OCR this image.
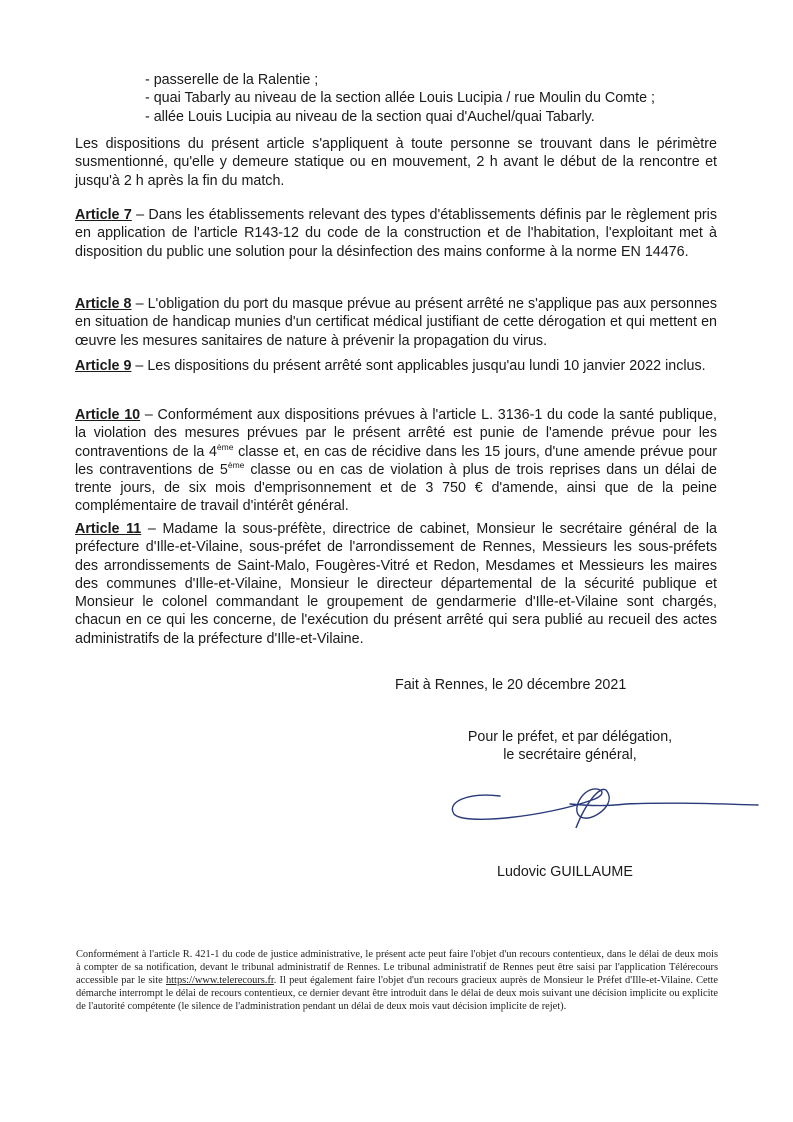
- passerelle de la Ralentie ;
- quai Tabarly au niveau de la section allée Louis Lucipia / rue Moulin du Comte ;
- allée Louis Lucipia au niveau de la section quai d'Auchel/quai Tabarly.

Les dispositions du présent article s'appliquent à toute personne se trouvant dans le périmètre susmentionné, qu'elle y demeure statique ou en mouvement, 2 h avant le début de la rencontre et jusqu'à 2 h après la fin du match.

Article 7 – Dans les établissements relevant des types d'établissements définis par le règlement pris en application de l'article R143-12 du code de la construction et de l'habitation, l'exploitant met à disposition du public une solution pour la désinfection des mains conforme à la norme EN 14476.

Article 8 – L'obligation du port du masque prévue au présent arrêté ne s'applique pas aux personnes en situation de handicap munies d'un certificat médical justifiant de cette dérogation et qui mettent en œuvre les mesures sanitaires de nature à prévenir la propagation du virus.

Article 9 – Les dispositions du présent arrêté sont applicables jusqu'au lundi 10 janvier 2022 inclus.

Article 10 – Conformément aux dispositions prévues à l'article L. 3136-1 du code la santé publique, la violation des mesures prévues par le présent arrêté est punie de l'amende prévue pour les contraventions de la 4ème classe et, en cas de récidive dans les 15 jours, d'une amende prévue pour les contraventions de 5ème classe ou en cas de violation à plus de trois reprises dans un délai de trente jours, de six mois d'emprisonnement et de 3 750 € d'amende, ainsi que de la peine complémentaire de travail d'intérêt général.

Article 11 – Madame la sous-préfète, directrice de cabinet, Monsieur le secrétaire général de la préfecture d'Ille-et-Vilaine, sous-préfet de l'arrondissement de Rennes, Messieurs les sous-préfets des arrondissements de Saint-Malo, Fougères-Vitré et Redon, Mesdames et Messieurs les maires des communes d'Ille-et-Vilaine, Monsieur le directeur départemental de la sécurité publique et Monsieur le colonel commandant le groupement de gendarmerie d'Ille-et-Vilaine sont chargés, chacun en ce qui les concerne, de l'exécution du présent arrêté qui sera publié au recueil des actes administratifs de la préfecture d'Ille-et-Vilaine.

Fait à Rennes, le 20 décembre 2021
Pour le préfet, et par délégation,
le secrétaire général,
Ludovic GUILLAUME

Conformément à l'article R. 421-1 du code de justice administrative, le présent acte peut faire l'objet d'un recours contentieux, dans le délai de deux mois à compter de sa notification, devant le tribunal administratif de Rennes. Le tribunal administratif de Rennes peut être saisi par l'application Télérecours accessible par le site https://www.telerecours.fr. Il peut également faire l'objet d'un recours gracieux auprès de Monsieur le Préfet d'Ille-et-Vilaine. Cette démarche interrompt le délai de recours contentieux, ce dernier devant être introduit dans le délai de deux mois suivant une décision implicite ou explicite de l'autorité compétente (le silence de l'administration pendant un délai de deux mois vaut décision implicite de rejet).
